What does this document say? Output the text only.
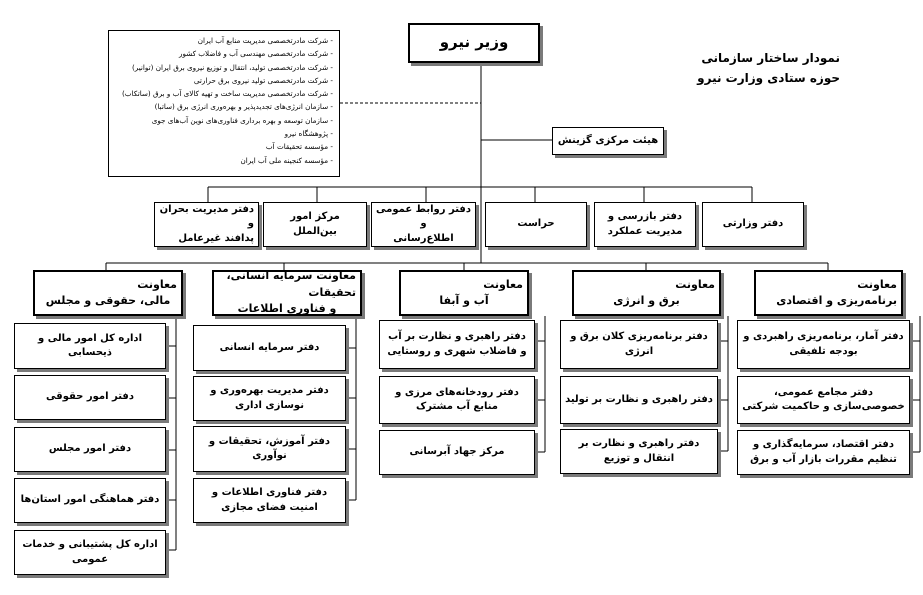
نمودار ساختار سازمانی
حوزه ستادی وزارت نیرو
وزیر نیرو
- شرکت مادرتخصصی مدیریت منابع آب ایران
- شرکت مادرتخصصی مهندسی آب و فاضلاب کشور
- شرکت مادرتخصصی تولید، انتقال و توزیع نیروی برق ایران (توانیر)
- شرکت مادرتخصصی تولید نیروی برق حرارتی
- شرکت مادرتخصصی مدیریت ساخت و تهیه کالای آب و برق (ساتکاب)
- سازمان انرژی‌های تجدیدپذیر و بهره‌وری انرژی برق (ساتبا)
- سازمان توسعه و بهره برداری فناوری‌های نوین آب‌های جوی
- پژوهشگاه نیرو
- مؤسسه تحقیقات آب
- مؤسسه کنجینه ملی آب ایران
هیئت مرکزی گزینش
دفتر وزارتی
دفتر بازرسی و
مدیریت عملکرد
حراست
دفتر روابط عمومی و
اطلاع‌رسانی
مرکز امور بین‌الملل
دفتر مدیریت بحران و
پدافند غیرعامل
معاونت
برنامه‌ریزی و اقتصادی
معاونت
برق و انرژی
معاونت
آب و آبفا
معاونت سرمایه انسانی، تحقیقات
و فناوری اطلاعات
معاونت
مالی، حقوقی و مجلس
دفتر آمار، برنامه‌ریزی راهبردی و بودجه تلفیقی
دفتر مجامع عمومی، خصوصی‌سازی و حاکمیت شرکتی
دفتر اقتصاد، سرمایه‌گذاری و تنظیم مقررات بازار آب و برق
دفتر برنامه‌ریزی کلان برق و انرژی
دفتر راهبری و نظارت بر تولید
دفتر راهبری و نظارت بر انتقال و توزیع
دفتر راهبری و نظارت بر آب و فاضلاب شهری و روستایی
دفتر رودخانه‌های مرزی و منابع آب مشترک
مرکز جهاد آبرسانی
دفتر سرمایه انسانی
دفتر مدیریت بهره‌وری و نوسازی اداری
دفتر آموزش، تحقیقات و نوآوری
دفتر فناوری اطلاعات و امنیت فضای مجازی
اداره کل امور مالی و ذیحسابی
دفتر امور حقوقی
دفتر امور مجلس
دفتر هماهنگی امور استان‌ها
اداره کل پشتیبانی و خدمات عمومی
